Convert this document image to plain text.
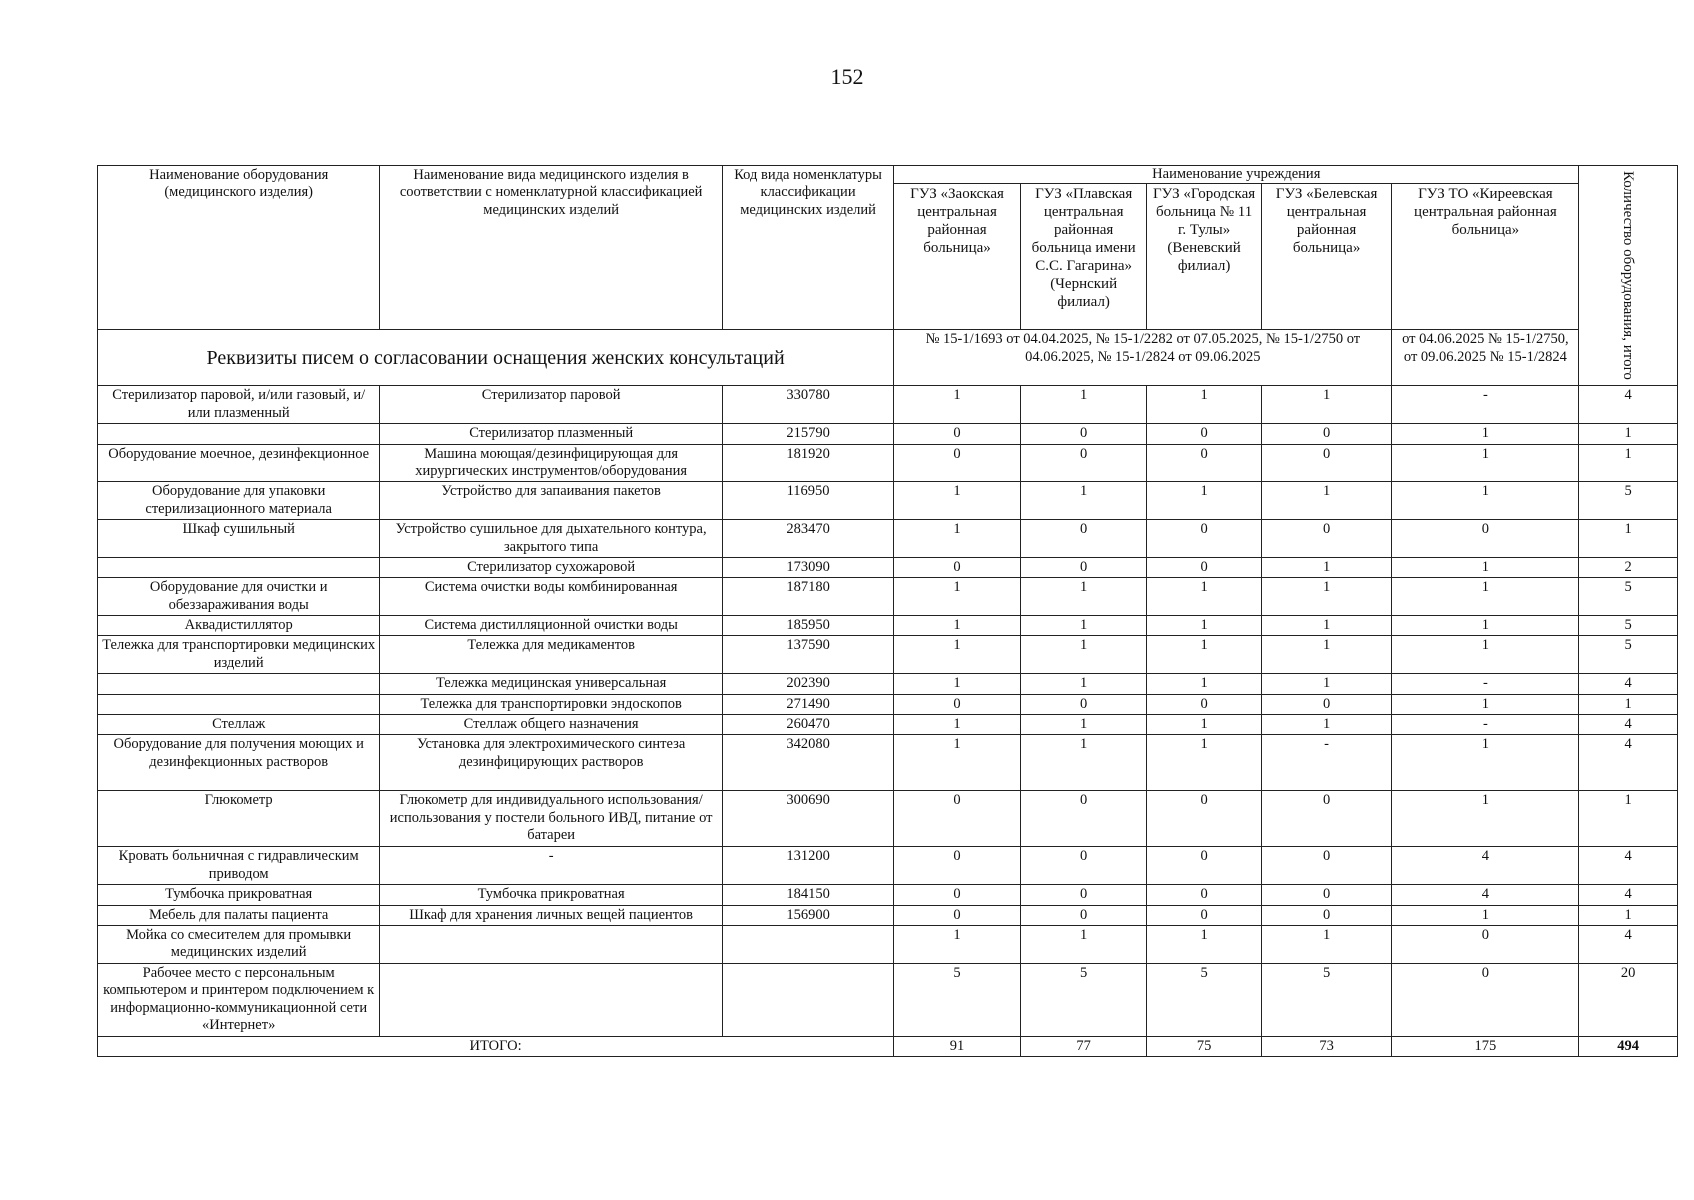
152
Наименование оборудования (медицинского изделия)	Наименование вида медицинского изделия в соответствии с номенклатурной классификацией медицинских изделий	Код вида номенклатуры классификации медицинских изделий	Наименование учреждения					Количество оборудования, итого

			ГУЗ «Заокская центральная районная больница»	ГУЗ «Плавская центральная районная больница имени С.С. Гагарина» (Чернский филиал)	ГУЗ «Городская больница № 11 г. Тулы» (Веневский филиал)	ГУЗ «Белевская центральная районная больница»	ГУЗ ТО «Киреевская центральная районная больница»	
Реквизиты писем о согласовании оснащения женских консультаций			№ 15-1/1693 от 04.04.2025, № 15-1/2282 от 07.05.2025, № 15-1/2750 от 04.06.2025, № 15-1/2824 от 09.06.2025				от 04.06.2025 № 15-1/2750, от 09.06.2025 № 15-1/2824	
Стерилизатор паровой, и/или газовый, и/или плазменный	Стерилизатор паровой	330780	1	1	1	1	-	4
	Стерилизатор плазменный	215790	0	0	0	0	1	1
Оборудование моечное, дезинфекционное	Машина моющая/дезинфицирующая для хирургических инструментов/оборудования	181920	0	0	0	0	1	1
Оборудование для упаковки стерилизационного материала	Устройство для запаивания пакетов	116950	1	1	1	1	1	5
Шкаф сушильный	Устройство сушильное для дыхательного контура, закрытого типа	283470	1	0	0	0	0	1
	Стерилизатор сухожаровой	173090	0	0	0	1	1	2
Оборудование для очистки и обеззараживания воды	Система очистки воды комбинированная	187180	1	1	1	1	1	5
Аквадистиллятор	Система дистилляционной очистки воды	185950	1	1	1	1	1	5
Тележка для транспортировки медицинских изделий	Тележка для медикаментов	137590	1	1	1	1	1	5
	Тележка медицинская универсальная	202390	1	1	1	1	-	4
	Тележка для транспортировки эндоскопов	271490	0	0	0	0	1	1
Стеллаж	Стеллаж общего назначения	260470	1	1	1	1	-	4
Оборудование для получения моющих и дезинфекционных растворов	Установка для электрохимического синтеза дезинфицирующих растворов	342080	1	1	1	-	1	4
Глюкометр	Глюкометр для индивидуального использования/использования у постели больного ИВД, питание от батареи	300690	0	0	0	0	1	1
Кровать больничная с гидравлическим приводом	-	131200	0	0	0	0	4	4
Тумбочка прикроватная	Тумбочка прикроватная	184150	0	0	0	0	4	4
Мебель для палаты пациента	Шкаф для хранения личных вещей пациентов	156900	0	0	0	0	1	1
Мойка со смесителем для промывки медицинских изделий			1	1	1	1	0	4
Рабочее место с персональным компьютером и принтером подключением к информационно-коммуникационной сети «Интернет»			5	5	5	5	0	20
ИТОГО:			91	77	75	73	175	494
